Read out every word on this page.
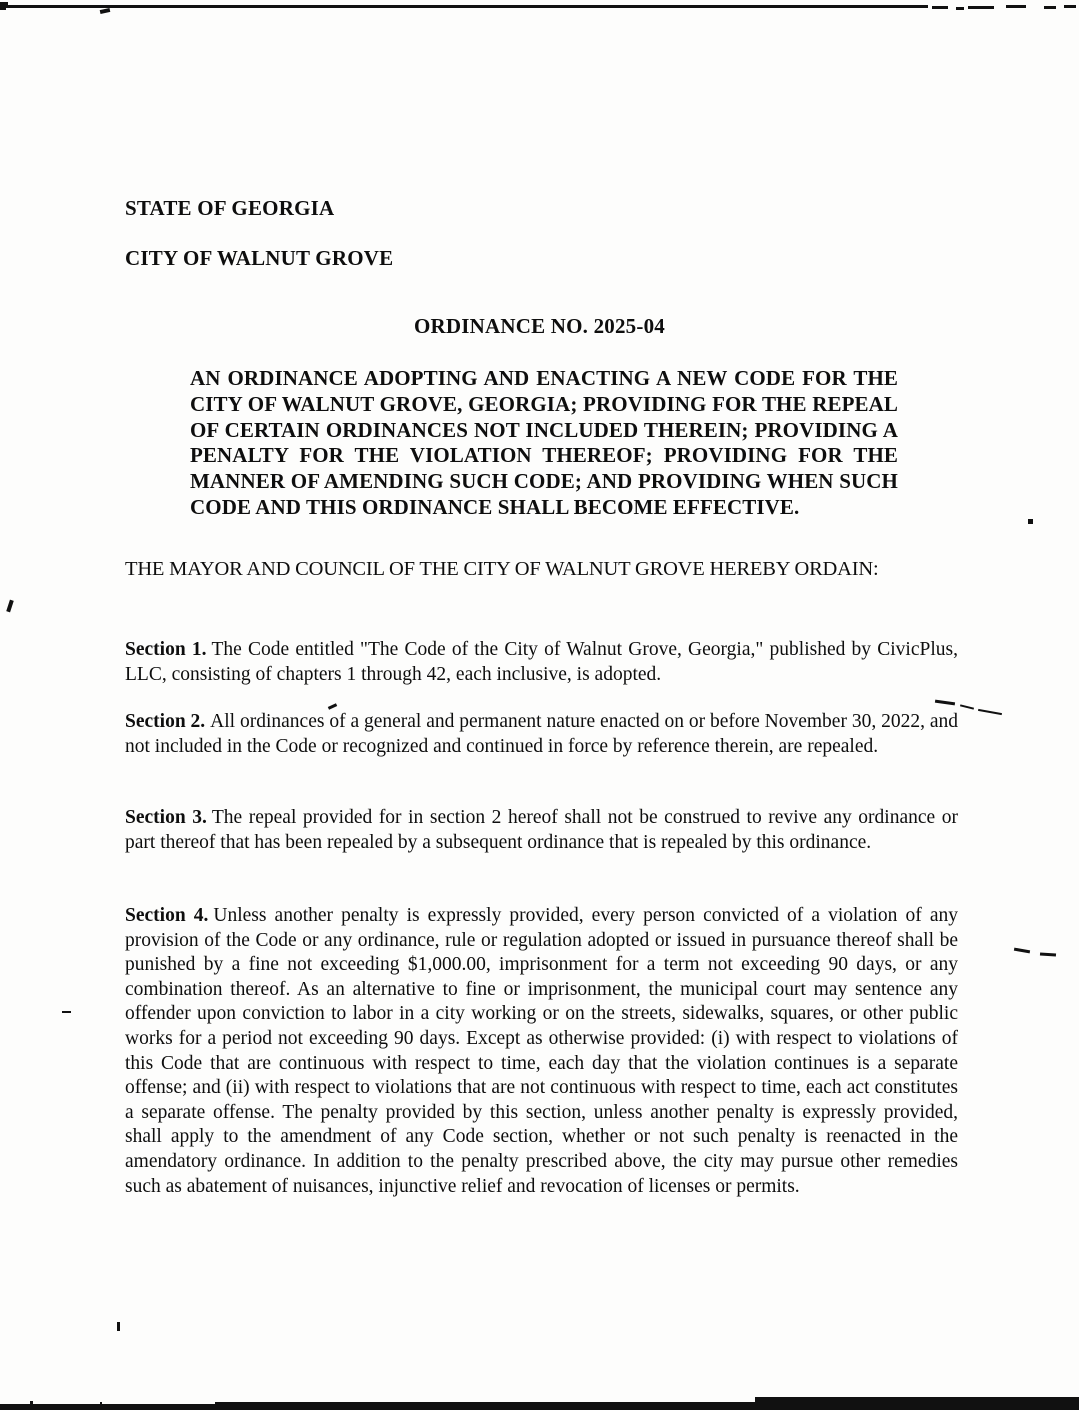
STATE OF GEORGIA
CITY OF WALNUT GROVE
ORDINANCE NO. 2025-04
AN ORDINANCE ADOPTING AND ENACTING A NEW CODE FOR THE CITY OF WALNUT GROVE, GEORGIA; PROVIDING FOR THE REPEAL OF CERTAIN ORDINANCES NOT INCLUDED THEREIN; PROVIDING A PENALTY FOR THE VIOLATION THEREOF; PROVIDING FOR THE MANNER OF AMENDING SUCH CODE; AND PROVIDING WHEN SUCH CODE AND THIS ORDINANCE SHALL BECOME EFFECTIVE.
THE MAYOR AND COUNCIL OF THE CITY OF WALNUT GROVE HEREBY ORDAIN:
Section 1. The Code entitled "The Code of the City of Walnut Grove, Georgia," published by CivicPlus, LLC, consisting of chapters 1 through 42, each inclusive, is adopted.
Section 2. All ordinances of a general and permanent nature enacted on or before November 30, 2022, and not included in the Code or recognized and continued in force by reference therein, are repealed.
Section 3. The repeal provided for in section 2 hereof shall not be construed to revive any ordinance or part thereof that has been repealed by a subsequent ordinance that is repealed by this ordinance.
Section 4. Unless another penalty is expressly provided, every person convicted of a violation of any provision of the Code or any ordinance, rule or regulation adopted or issued in pursuance thereof shall be punished by a fine not exceeding $1,000.00, imprisonment for a term not exceeding 90 days, or any combination thereof. As an alternative to fine or imprisonment, the municipal court may sentence any offender upon conviction to labor in a city working or on the streets, sidewalks, squares, or other public works for a period not exceeding 90 days. Except as otherwise provided: (i) with respect to violations of this Code that are continuous with respect to time, each day that the violation continues is a separate offense; and (ii) with respect to violations that are not continuous with respect to time, each act constitutes a separate offense. The penalty provided by this section, unless another penalty is expressly provided, shall apply to the amendment of any Code section, whether or not such penalty is reenacted in the amendatory ordinance. In addition to the penalty prescribed above, the city may pursue other remedies such as abatement of nuisances, injunctive relief and revocation of licenses or permits.
